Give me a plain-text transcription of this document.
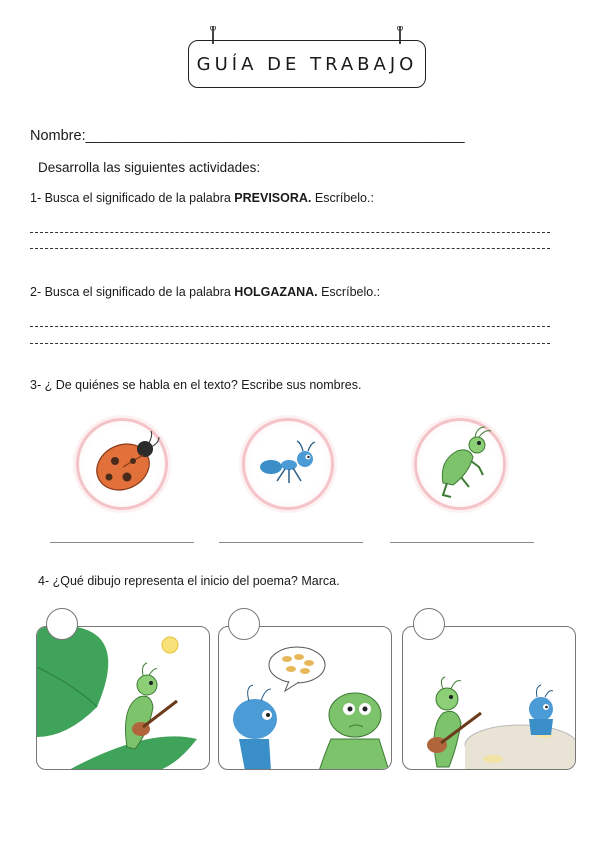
GUÍA DE TRABAJO
Nombre:_______________________________________________
Desarrolla las siguientes actividades:
1- Busca el significado de la palabra PREVISORA. Escríbelo.:
2- Busca el significado de la palabra HOLGAZANA. Escríbelo.:
3- ¿ De quiénes se habla en el texto? Escribe sus nombres.
4- ¿Qué dibujo representa el inicio del poema? Marca.
